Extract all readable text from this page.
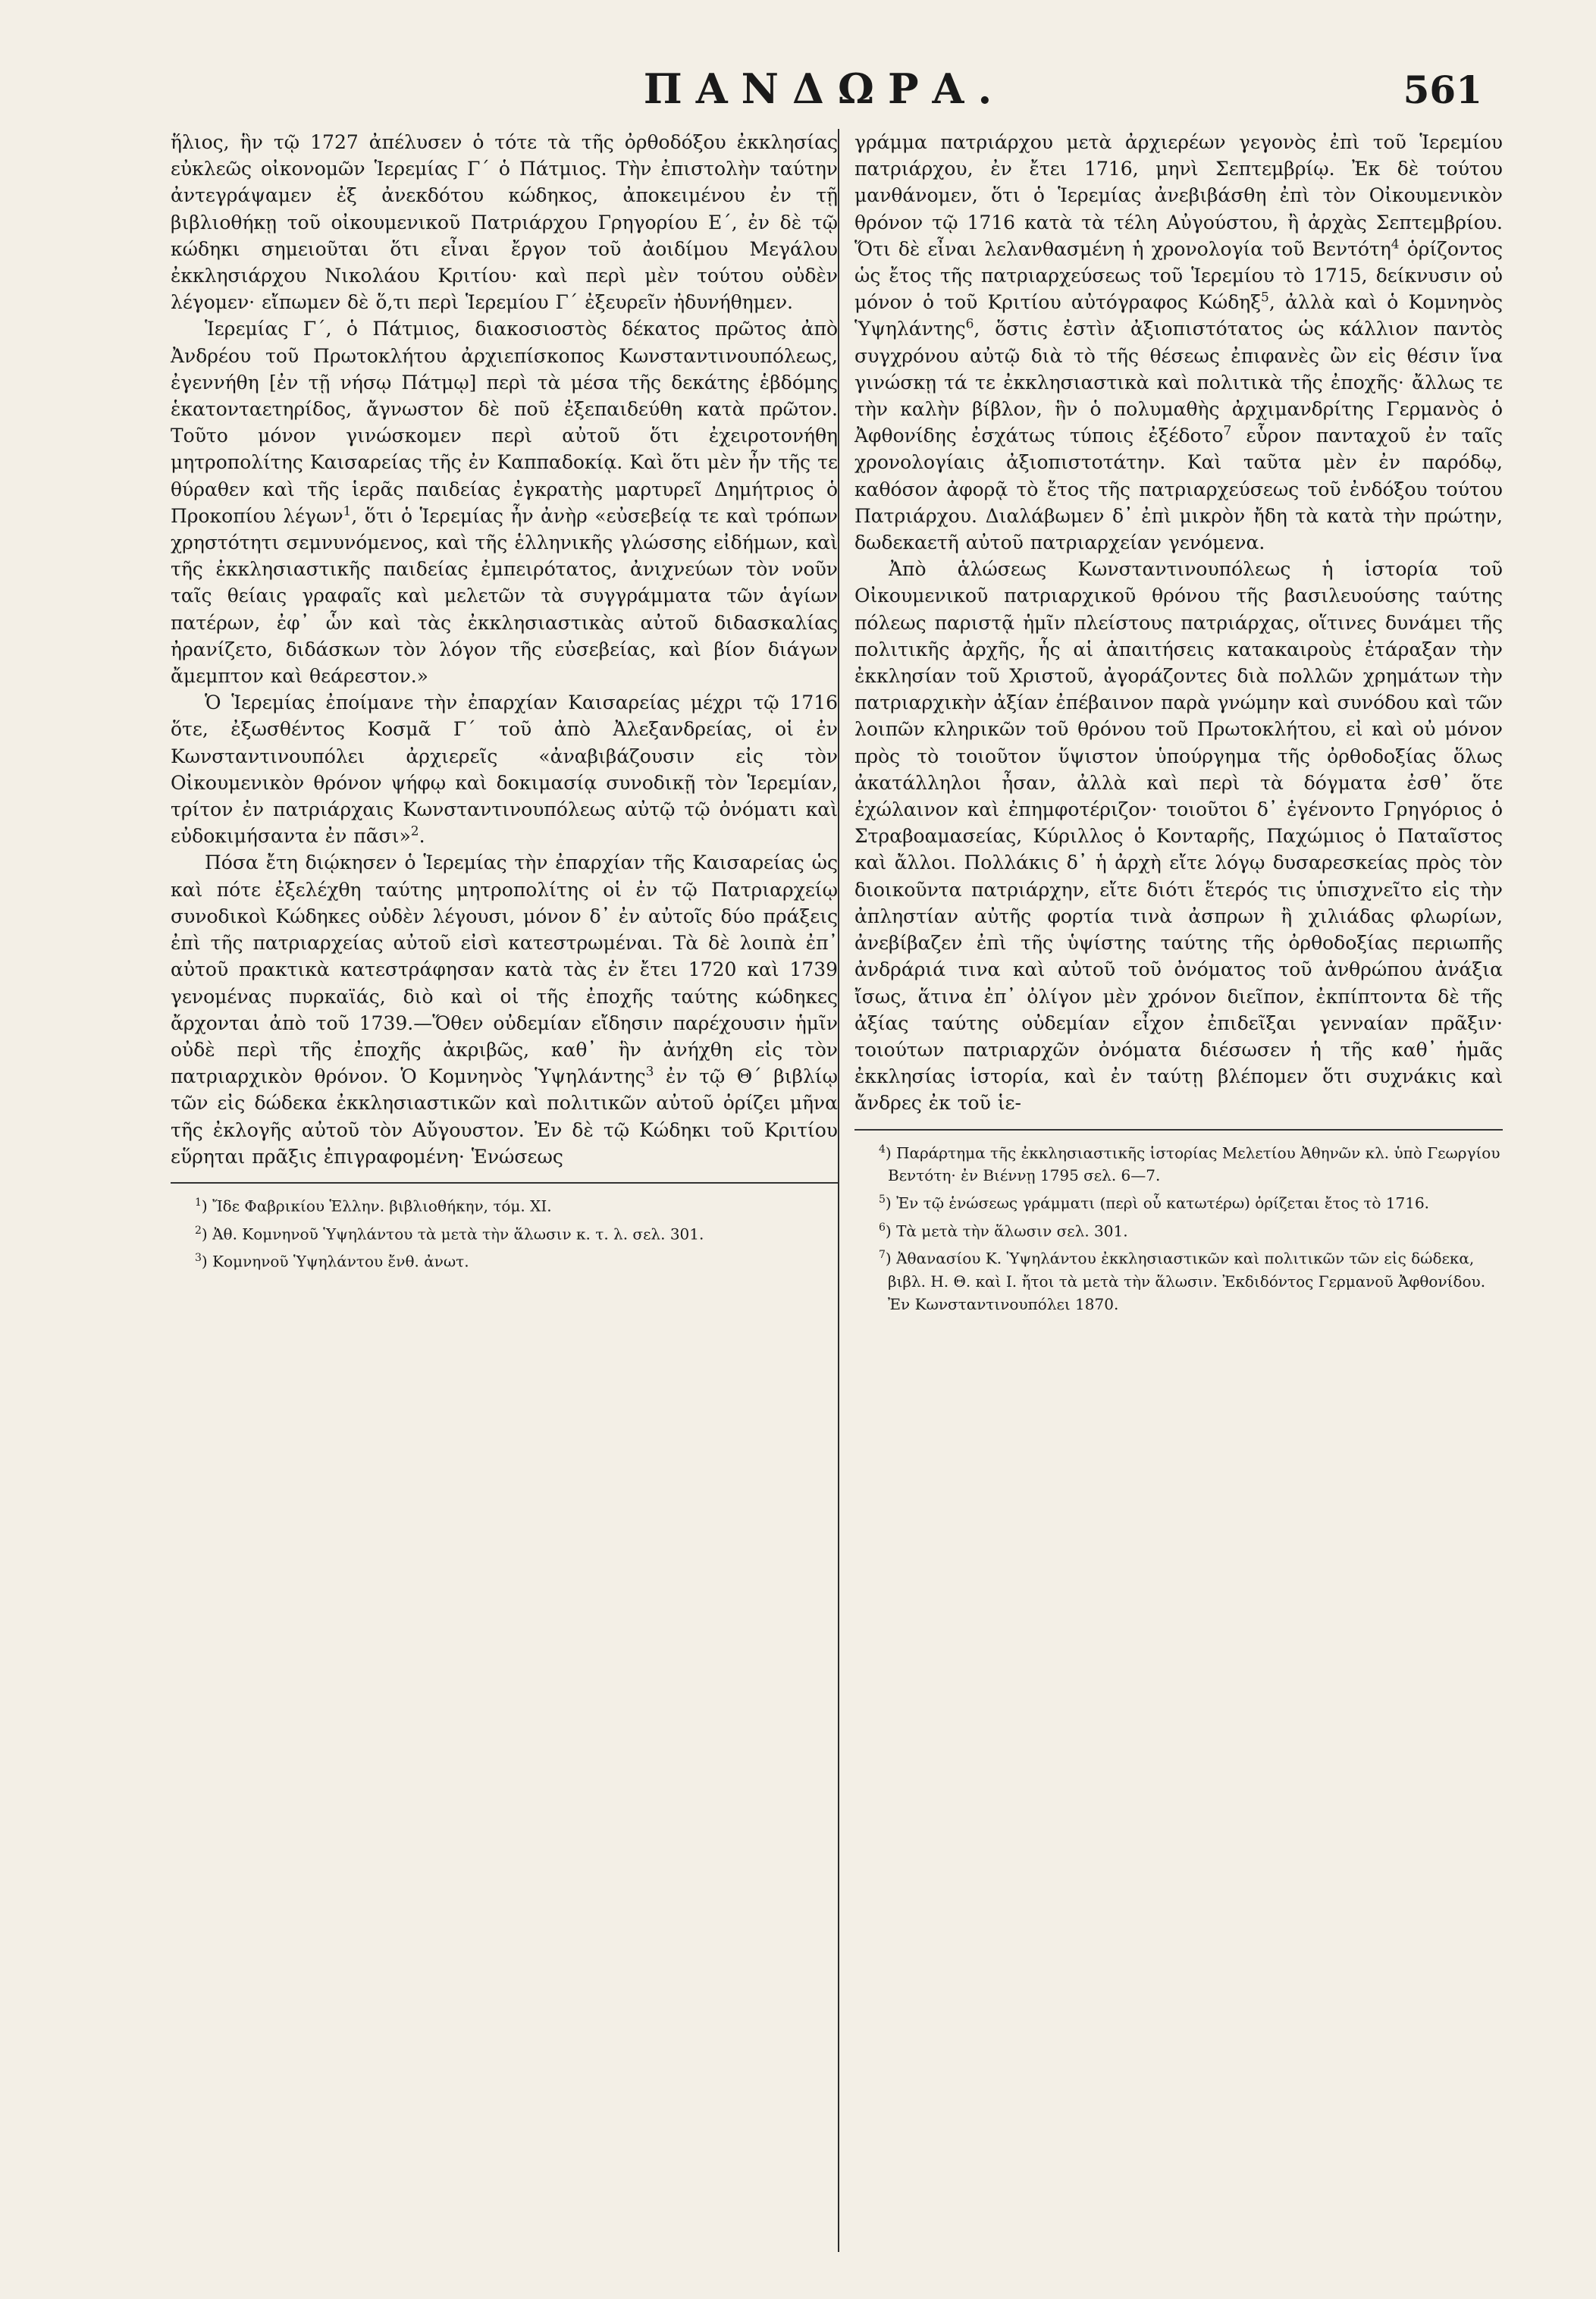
ΠΑΝΔΩΡΑ.	561

ἥλιος, ἣν τῷ 1727 ἀπέλυσεν ὁ τότε τὰ τῆς ὀρθοδόξου ἐκκλησίας εὐκλεῶς οἰκονομῶν Ἱερεμίας Γ´ ὁ Πάτμιος. Τὴν ἐπιστολὴν ταύτην ἀντεγράψαμεν ἐξ ἀνεκδότου κώδηκος, ἀποκειμένου ἐν τῇ βιβλιοθήκῃ τοῦ οἰκουμενικοῦ Πατριάρχου Γρηγορίου Ε´, ἐν δὲ τῷ κώδηκι σημειοῦται ὅτι εἶναι ἔργον τοῦ ἀοιδίμου Μεγάλου ἐκκλησιάρχου Νικολάου Κριτίου· καὶ περὶ μὲν τούτου οὐδὲν λέγομεν· εἴπωμεν δὲ ὅ,τι περὶ Ἱερεμίου Γ´ ἐξευρεῖν ἠδυνήθημεν.

Ἱερεμίας Γ´, ὁ Πάτμιος, διακοσιοστὸς δέκατος πρῶτος ἀπὸ Ἀνδρέου τοῦ Πρωτοκλήτου ἀρχιεπίσκοπος Κωνσταντινουπόλεως, ἐγεννήθη [ἐν τῇ νήσῳ Πάτμῳ] περὶ τὰ μέσα τῆς δεκάτης ἑβδόμης ἑκατονταετηρίδος, ἄγνωστον δὲ ποῦ ἐξεπαιδεύθη κατὰ πρῶτον. Τοῦτο μόνον γινώσκομεν περὶ αὐτοῦ ὅτι ἐχειροτονήθη μητροπολίτης Καισαρείας τῆς ἐν Καππαδοκίᾳ. Καὶ ὅτι μὲν ἦν τῆς τε θύραθεν καὶ τῆς ἱερᾶς παιδείας ἐγκρατὴς μαρτυρεῖ Δημήτριος ὁ Προκοπίου λέγων$^1$, ὅτι ὁ Ἱερεμίας ἦν ἀνὴρ «εὐσεβείᾳ τε καὶ τρόπων χρηστότητι σεμνυνόμενος, καὶ τῆς ἑλληνικῆς γλώσσης εἰδήμων, καὶ τῆς ἐκκλησιαστικῆς παιδείας ἐμπειρότατος, ἀνιχνεύων τὸν νοῦν ταῖς θείαις γραφαῖς καὶ μελετῶν τὰ συγγράμματα τῶν ἁγίων πατέρων, ἐφ᾽ ὧν καὶ τὰς ἐκκλησιαστικὰς αὐτοῦ διδασκαλίας ἠρανίζετο, διδάσκων τὸν λόγον τῆς εὐσεβείας, καὶ βίον διάγων ἄμεμπτον καὶ θεάρεστον.»

Ὁ Ἱερεμίας ἐποίμανε τὴν ἐπαρχίαν Καισαρείας μέχρι τῷ 1716 ὅτε, ἐξωσθέντος Κοσμᾶ Γ´ τοῦ ἀπὸ Ἀλεξανδρείας, οἱ ἐν Κωνσταντινουπόλει ἀρχιερεῖς «ἀναβιβάζουσιν εἰς τὸν Οἰκουμενικὸν θρόνον ψήφῳ καὶ δοκιμασίᾳ συνοδικῇ τὸν Ἱερεμίαν, τρίτον ἐν πατριάρχαις Κωνσταντινουπόλεως αὐτῷ τῷ ὀνόματι καὶ εὐδοκιμήσαντα ἐν πᾶσι»$^2$.

Πόσα ἔτη διῴκησεν ὁ Ἱερεμίας τὴν ἐπαρχίαν τῆς Καισαρείας ὡς καὶ πότε ἐξελέχθη ταύτης μητροπολίτης οἱ ἐν τῷ Πατριαρχείῳ συνοδικοὶ Κώδηκες οὐδὲν λέγουσι, μόνον δ᾽ ἐν αὐτοῖς δύο πράξεις ἐπὶ τῆς πατριαρχείας αὐτοῦ εἰσὶ κατεστρωμέναι. Τὰ δὲ λοιπὰ ἐπ᾽ αὐτοῦ πρακτικὰ κατεστράφησαν κατὰ τὰς ἐν ἔτει 1720 καὶ 1739 γενομένας πυρκαϊάς, διὸ καὶ οἱ τῆς ἐποχῆς ταύτης κώδηκες ἄρχονται ἀπὸ τοῦ 1739.—Ὅθεν οὐδεμίαν εἴδησιν παρέχουσιν ἡμῖν οὐδὲ περὶ τῆς ἐποχῆς ἀκριβῶς, καθ᾽ ἣν ἀνήχθη εἰς τὸν πατριαρχικὸν θρόνον. Ὁ Κομνηνὸς Ὑψηλάντης$^3$ ἐν τῷ Θ´ βιβλίῳ τῶν εἰς δώδεκα ἐκκλησιαστικῶν καὶ πολιτικῶν αὐτοῦ ὁρίζει μῆνα τῆς ἐκλογῆς αὐτοῦ τὸν Αὔγουστον. Ἐν δὲ τῷ Κώδηκι τοῦ Κριτίου εὕρηται πρᾶξις ἐπιγραφομένη· Ἑνώσεως

$^1$) Ἴδε Φαβρικίου Ἑλλην. βιβλιοθήκην, τόμ. ΧΙ.
$^2$) Ἀθ. Κομνηνοῦ Ὑψηλάντου τὰ μετὰ τὴν ἅλωσιν κ. τ. λ. σελ. 301.
$^3$) Κομνηνοῦ Ὑψηλάντου ἔνθ. ἀνωτ.

γράμμα πατριάρχου μετὰ ἀρχιερέων γεγονὸς ἐπὶ τοῦ Ἱερεμίου πατριάρχου, ἐν ἔτει 1716, μηνὶ Σεπτεμβρίῳ. Ἐκ δὲ τούτου μανθάνομεν, ὅτι ὁ Ἱερεμίας ἀνεβιβάσθη ἐπὶ τὸν Οἰκουμενικὸν θρόνον τῷ 1716 κατὰ τὰ τέλη Αὐγούστου, ἢ ἀρχὰς Σεπτεμβρίου. Ὅτι δὲ εἶναι λελανθασμένη ἡ χρονολογία τοῦ Βεντότη$^4$ ὁρίζοντος ὡς ἔτος τῆς πατριαρχεύσεως τοῦ Ἱερεμίου τὸ 1715, δείκνυσιν οὐ μόνον ὁ τοῦ Κριτίου αὐτόγραφος Κώδηξ$^5$, ἀλλὰ καὶ ὁ Κομνηνὸς Ὑψηλάντης$^6$, ὅστις ἐστὶν ἀξιοπιστότατος ὡς κάλλιον παντὸς συγχρόνου αὐτῷ διὰ τὸ τῆς θέσεως ἐπιφανὲς ὢν εἰς θέσιν ἵνα γινώσκῃ τά τε ἐκκλησιαστικὰ καὶ πολιτικὰ τῆς ἐποχῆς· ἄλλως τε τὴν καλὴν βίβλον, ἣν ὁ πολυμαθὴς ἀρχιμανδρίτης Γερμανὸς ὁ Ἀφθονίδης ἐσχάτως τύποις ἐξέδοτο$^7$ εὗρον πανταχοῦ ἐν ταῖς χρονολογίαις ἀξιοπιστοτάτην. Καὶ ταῦτα μὲν ἐν παρόδῳ, καθόσον ἀφορᾷ τὸ ἔτος τῆς πατριαρχεύσεως τοῦ ἐνδόξου τούτου Πατριάρχου. Διαλάβωμεν δ᾽ ἐπὶ μικρὸν ἤδη τὰ κατὰ τὴν πρώτην, δωδεκαετῆ αὐτοῦ πατριαρχείαν γενόμενα.

Ἀπὸ ἁλώσεως Κωνσταντινουπόλεως ἡ ἱστορία τοῦ Οἰκουμενικοῦ πατριαρχικοῦ θρόνου τῆς βασιλευούσης ταύτης πόλεως παριστᾷ ἡμῖν πλείστους πατριάρχας, οἵτινες δυνάμει τῆς πολιτικῆς ἀρχῆς, ἧς αἱ ἀπαιτήσεις κατακαιροὺς ἐτάραξαν τὴν ἐκκλησίαν τοῦ Χριστοῦ, ἀγοράζοντες διὰ πολλῶν χρημάτων τὴν πατριαρχικὴν ἀξίαν ἐπέβαινον παρὰ γνώμην καὶ συνόδου καὶ τῶν λοιπῶν κληρικῶν τοῦ θρόνου τοῦ Πρωτοκλήτου, εἰ καὶ οὐ μόνον πρὸς τὸ τοιοῦτον ὕψιστον ὑπούργημα τῆς ὀρθοδοξίας ὅλως ἀκατάλληλοι ἦσαν, ἀλλὰ καὶ περὶ τὰ δόγματα ἐσθ᾽ ὅτε ἐχώλαινον καὶ ἐπημφοτέριζον· τοιοῦτοι δ᾽ ἐγένοντο Γρηγόριος ὁ Στραβοαμασείας, Κύριλλος ὁ Κονταρῆς, Παχώμιος ὁ Παταῖστος καὶ ἄλλοι. Πολλάκις δ᾽ ἡ ἀρχὴ εἴτε λόγῳ δυσαρεσκείας πρὸς τὸν διοικοῦντα πατριάρχην, εἴτε διότι ἕτερός τις ὑπισχνεῖτο εἰς τὴν ἀπληστίαν αὐτῆς φορτία τινὰ ἀσπρων ἢ χιλιάδας φλωρίων, ἀνεβίβαζεν ἐπὶ τῆς ὑψίστης ταύτης τῆς ὀρθοδοξίας περιωπῆς ἀνδράριά τινα καὶ αὐτοῦ τοῦ ὀνόματος τοῦ ἀνθρώπου ἀνάξια ἴσως, ἅτινα ἐπ᾽ ὀλίγον μὲν χρόνον διεῖπον, ἐκπίπτοντα δὲ τῆς ἀξίας ταύτης οὐδεμίαν εἶχον ἐπιδεῖξαι γενναίαν πρᾶξιν· τοιούτων πατριαρχῶν ὀνόματα διέσωσεν ἡ τῆς καθ᾽ ἡμᾶς ἐκκλησίας ἱστορία, καὶ ἐν ταύτῃ βλέπομεν ὅτι συχνάκις καὶ ἄνδρες ἐκ τοῦ ἱε-

$^4$) Παράρτημα τῆς ἐκκλησιαστικῆς ἱστορίας Μελετίου Ἀθηνῶν κλ. ὑπὸ Γεωργίου Βεντότη· ἐν Βιέννῃ 1795 σελ. 6—7.
$^5$) Ἐν τῷ ἑνώσεως γράμματι (περὶ οὗ κατωτέρω) ὁρίζεται ἔτος τὸ 1716.
$^6$) Τὰ μετὰ τὴν ἅλωσιν σελ. 301.
$^7$) Ἀθανασίου Κ. Ὑψηλάντου ἐκκλησιαστικῶν καὶ πολιτικῶν τῶν εἰς δώδεκα, βιβλ. Η. Θ. καὶ Ι. ἤτοι τὰ μετὰ τὴν ἅλωσιν. Ἐκδιδόντος Γερμανοῦ Ἀφθονίδου. Ἐν Κωνσταντινουπόλει 1870.
